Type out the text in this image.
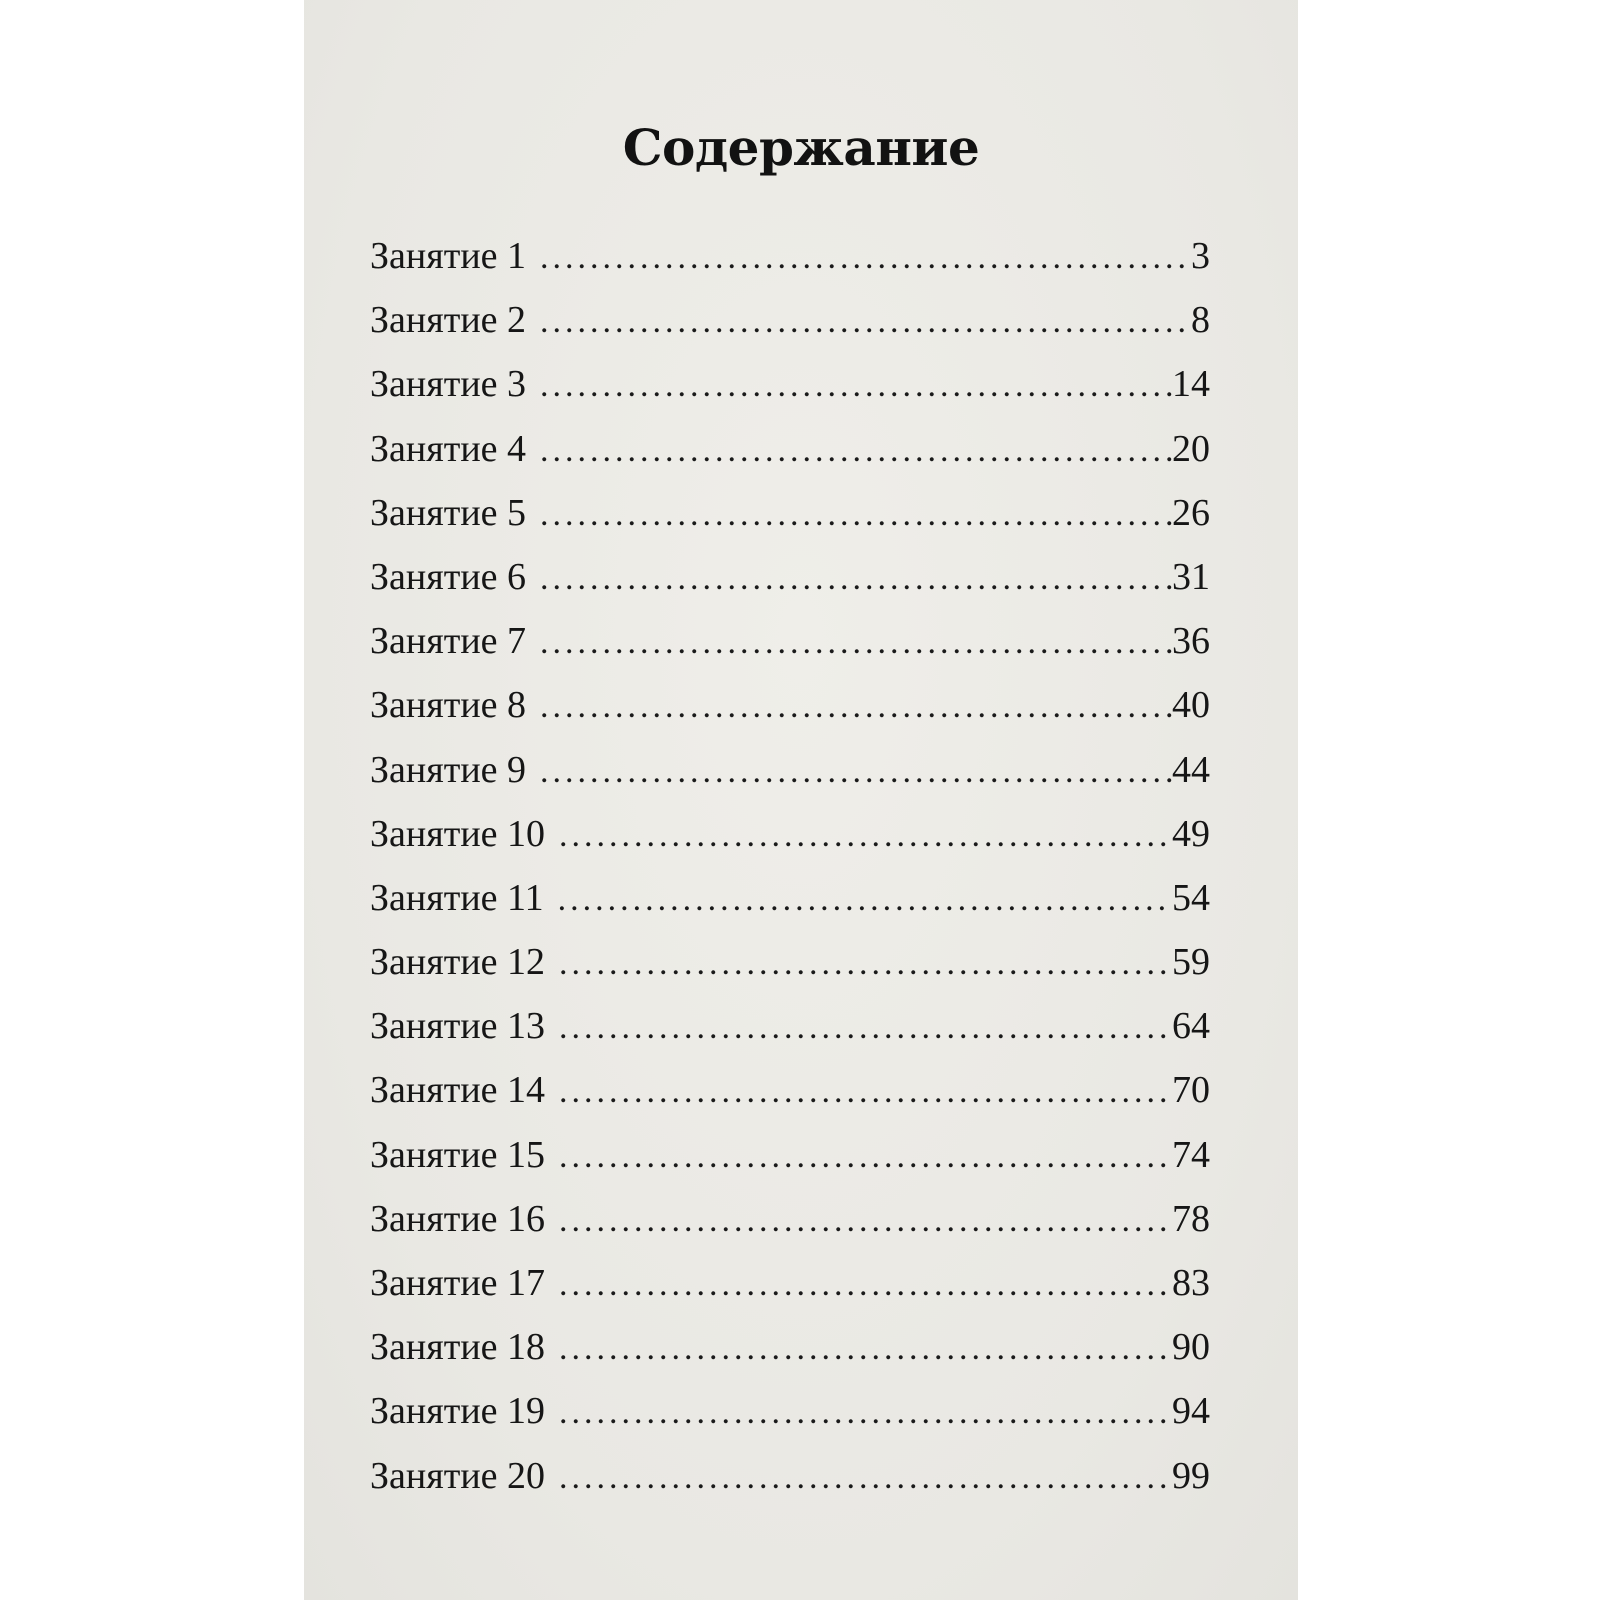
Содержание
Занятие 1 .....	3
Занятие 2 .....	8
Занятие 3 .....	14
Занятие 4 .....	20
Занятие 5 .....	26
Занятие 6 .....	31
Занятие 7 .....	36
Занятие 8 .....	40
Занятие 9 .....	44
Занятие 10 .....	49
Занятие 11 .....	54
Занятие 12 .....	59
Занятие 13 .....	64
Занятие 14 .....	70
Занятие 15 .....	74
Занятие 16 .....	78
Занятие 17 .....	83
Занятие 18 .....	90
Занятие 19 .....	94
Занятие 20 .....	99
